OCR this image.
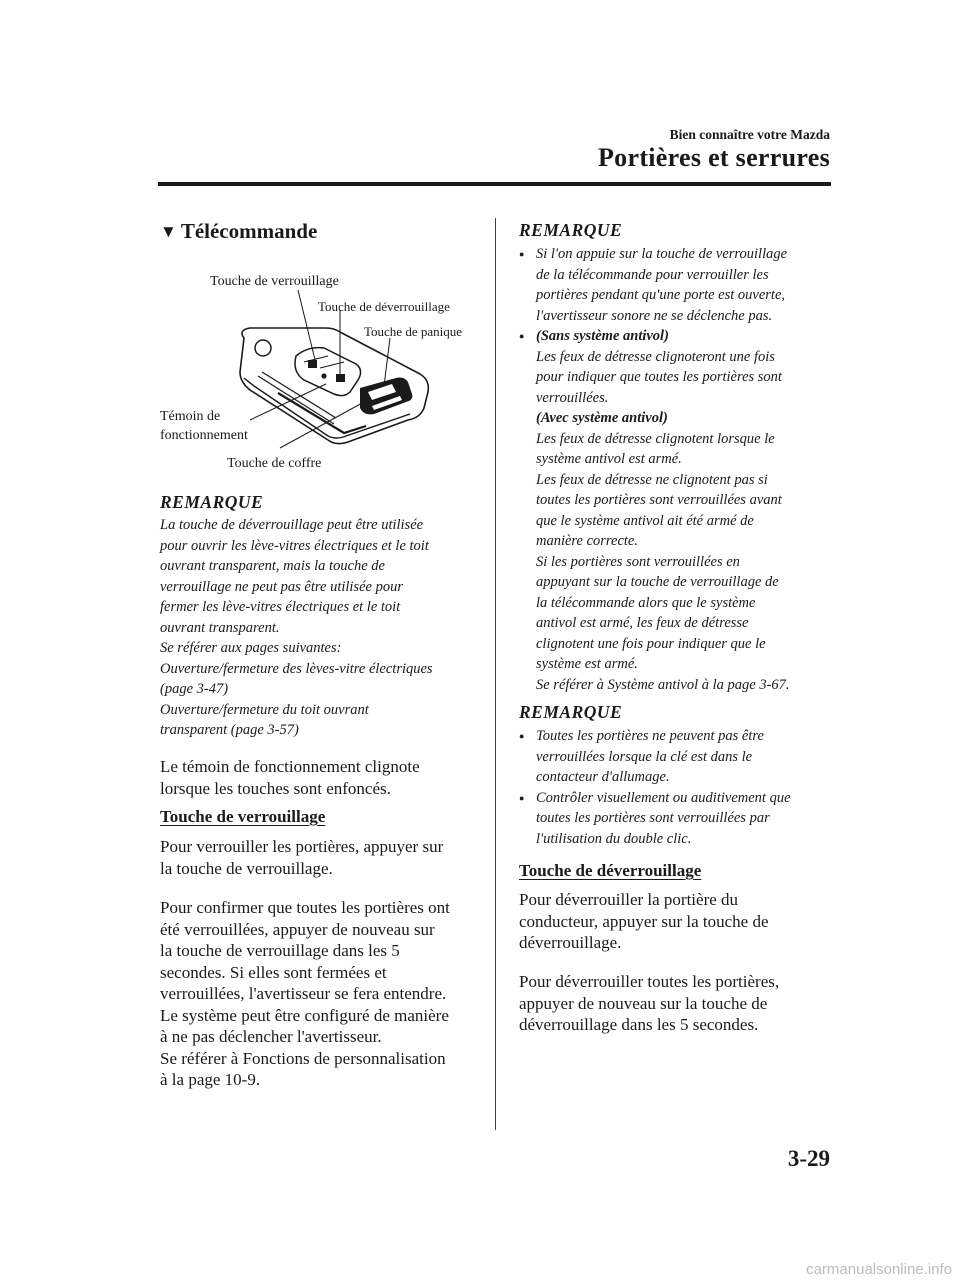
Bien connaître votre Mazda
Portières et serrures
▼ Télécommande
Touche de verrouillage
Touche de déverrouillage
Touche de panique
Témoin de
fonctionnement
Touche de coffre
REMARQUE
La touche de déverrouillage peut être utilisée
pour ouvrir les lève-vitres électriques et le toit
ouvrant transparent, mais la touche de
verrouillage ne peut pas être utilisée pour
fermer les lève-vitres électriques et le toit
ouvrant transparent.
Se référer aux pages suivantes:
Ouverture/fermeture des lèves-vitre électriques
(page 3-47)
Ouverture/fermeture du toit ouvrant
transparent (page 3-57)
Le témoin de fonctionnement clignote
lorsque les touches sont enfoncés.
Touche de verrouillage
Pour verrouiller les portières, appuyer sur
la touche de verrouillage.
Pour confirmer que toutes les portières ont
été verrouillées, appuyer de nouveau sur
la touche de verrouillage dans les 5
secondes. Si elles sont fermées et
verrouillées, l'avertisseur se fera entendre.
Le système peut être configuré de manière
à ne pas déclencher l'avertisseur.
Se référer à Fonctions de personnalisation
à la page 10-9.
REMARQUE
● Si l'on appuie sur la touche de verrouillage
de la télécommande pour verrouiller les
portières pendant qu'une porte est ouverte,
l'avertisseur sonore ne se déclenche pas.
● (Sans système antivol)
Les feux de détresse clignoteront une fois
pour indiquer que toutes les portières sont
verrouillées.
(Avec système antivol)
Les feux de détresse clignotent lorsque le
système antivol est armé.
Les feux de détresse ne clignotent pas si
toutes les portières sont verrouillées avant
que le système antivol ait été armé de
manière correcte.
Si les portières sont verrouillées en
appuyant sur la touche de verrouillage de
la télécommande alors que le système
antivol est armé, les feux de détresse
clignotent une fois pour indiquer que le
système est armé.
Se référer à Système antivol à la page 3-67.
REMARQUE
● Toutes les portières ne peuvent pas être
verrouillées lorsque la clé est dans le
contacteur d'allumage.
● Contrôler visuellement ou auditivement que
toutes les portières sont verrouillées par
l'utilisation du double clic.
Touche de déverrouillage
Pour déverrouiller la portière du
conducteur, appuyer sur la touche de
déverrouillage.
Pour déverrouiller toutes les portières,
appuyer de nouveau sur la touche de
déverrouillage dans les 5 secondes.
3-29
carmanualsonline.info
